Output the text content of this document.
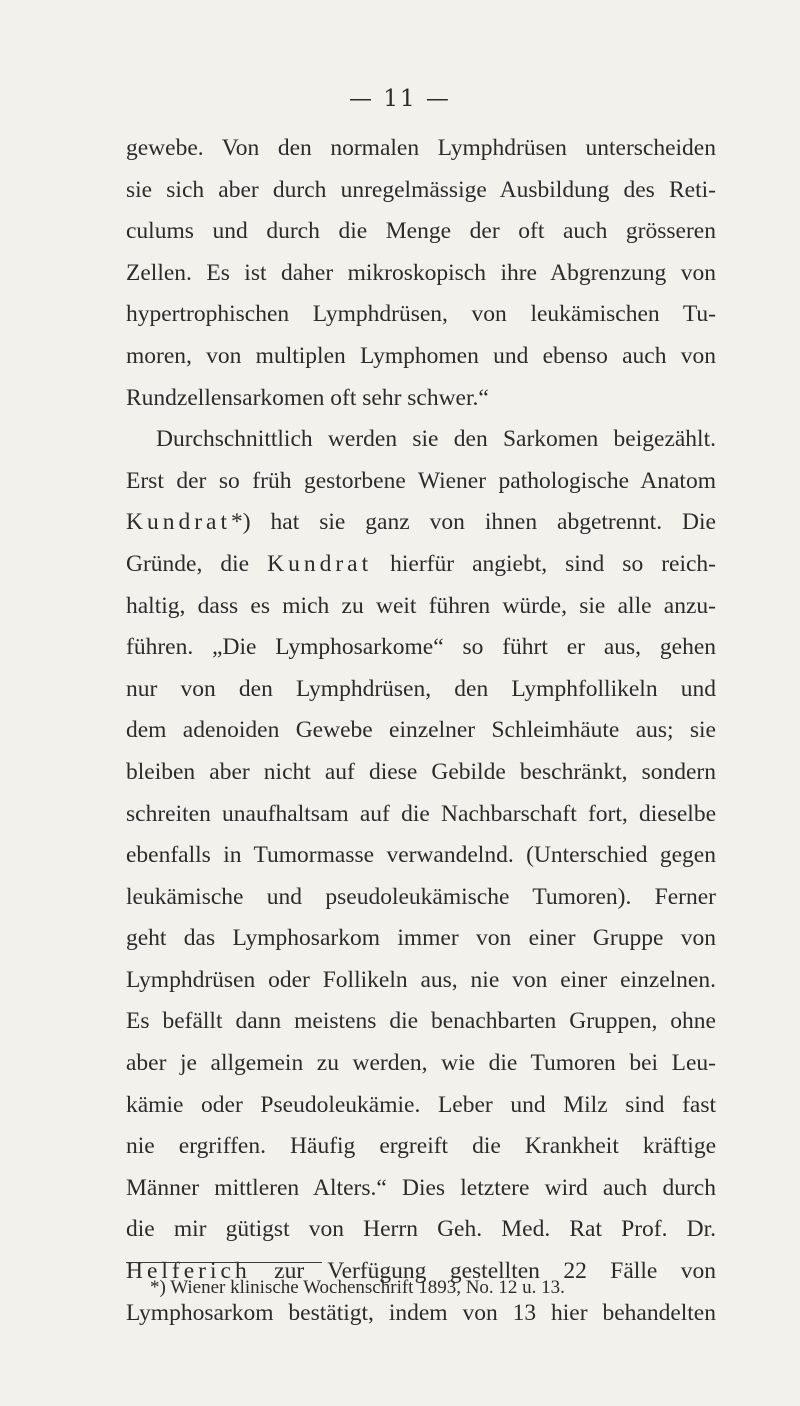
— 11 —
gewebe. Von den normalen Lymphdrüsen unterscheiden
sie sich aber durch unregelmässige Ausbildung des Reti-
culums und durch die Menge der oft auch grösseren
Zellen. Es ist daher mikroskopisch ihre Abgrenzung von
hypertrophischen Lymphdrüsen, von leukämischen Tu-
moren, von multiplen Lymphomen und ebenso auch von
Rundzellensarkomen oft sehr schwer.“
Durchschnittlich werden sie den Sarkomen beigezählt.
Erst der so früh gestorbene Wiener pathologische Anatom
Kundrat*) hat sie ganz von ihnen abgetrennt. Die
Gründe, die Kundrat hierfür angiebt, sind so reich-
haltig, dass es mich zu weit führen würde, sie alle anzu-
führen. „Die Lymphosarkome“ so führt er aus, gehen
nur von den Lymphdrüsen, den Lymphfollikeln und
dem adenoiden Gewebe einzelner Schleimhäute aus; sie
bleiben aber nicht auf diese Gebilde beschränkt, sondern
schreiten unaufhaltsam auf die Nachbarschaft fort, dieselbe
ebenfalls in Tumormasse verwandelnd. (Unterschied gegen
leukämische und pseudoleukämische Tumoren). Ferner
geht das Lymphosarkom immer von einer Gruppe von
Lymphdrüsen oder Follikeln aus, nie von einer einzelnen.
Es befällt dann meistens die benachbarten Gruppen, ohne
aber je allgemein zu werden, wie die Tumoren bei Leu-
kämie oder Pseudoleukämie. Leber und Milz sind fast
nie ergriffen. Häufig ergreift die Krankheit kräftige
Männer mittleren Alters.“ Dies letztere wird auch durch
die mir gütigst von Herrn Geh. Med. Rat Prof. Dr.
Helferich zur Verfügung gestellten 22 Fälle von
Lymphosarkom bestätigt, indem von 13 hier behandelten
*) Wiener klinische Wochenschrift 1893, No. 12 u. 13.
